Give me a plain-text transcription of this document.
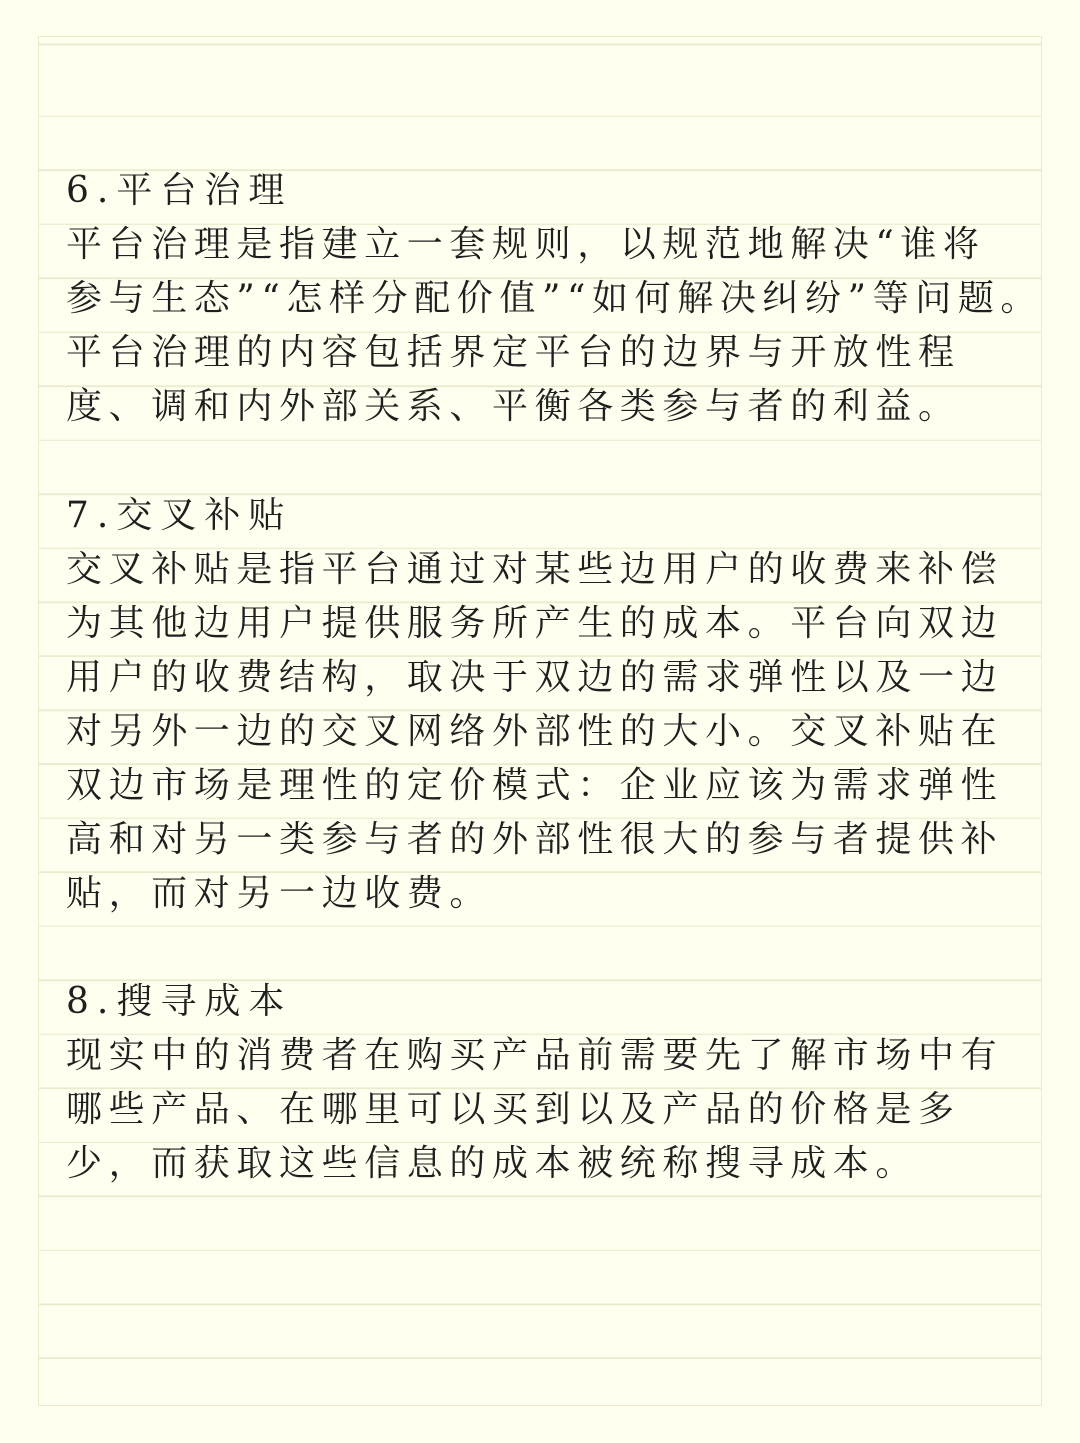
6.平台治理

平台治理是指建立一套规则，以规范地解决“谁将

参与生态”“怎样分配价值”“如何解决纠纷”等问题。

平台治理的内容包括界定平台的边界与开放性程

度、调和内外部关系、平衡各类参与者的利益。

7.交叉补贴

交叉补贴是指平台通过对某些边用户的收费来补偿

为其他边用户提供服务所产生的成本。平台向双边

用户的收费结构，取决于双边的需求弹性以及一边

对另外一边的交叉网络外部性的大小。交叉补贴在

双边市场是理性的定价模式：企业应该为需求弹性

高和对另一类参与者的外部性很大的参与者提供补

贴，而对另一边收费。

8.搜寻成本

现实中的消费者在购买产品前需要先了解市场中有

哪些产品、在哪里可以买到以及产品的价格是多

少，而获取这些信息的成本被统称搜寻成本。
